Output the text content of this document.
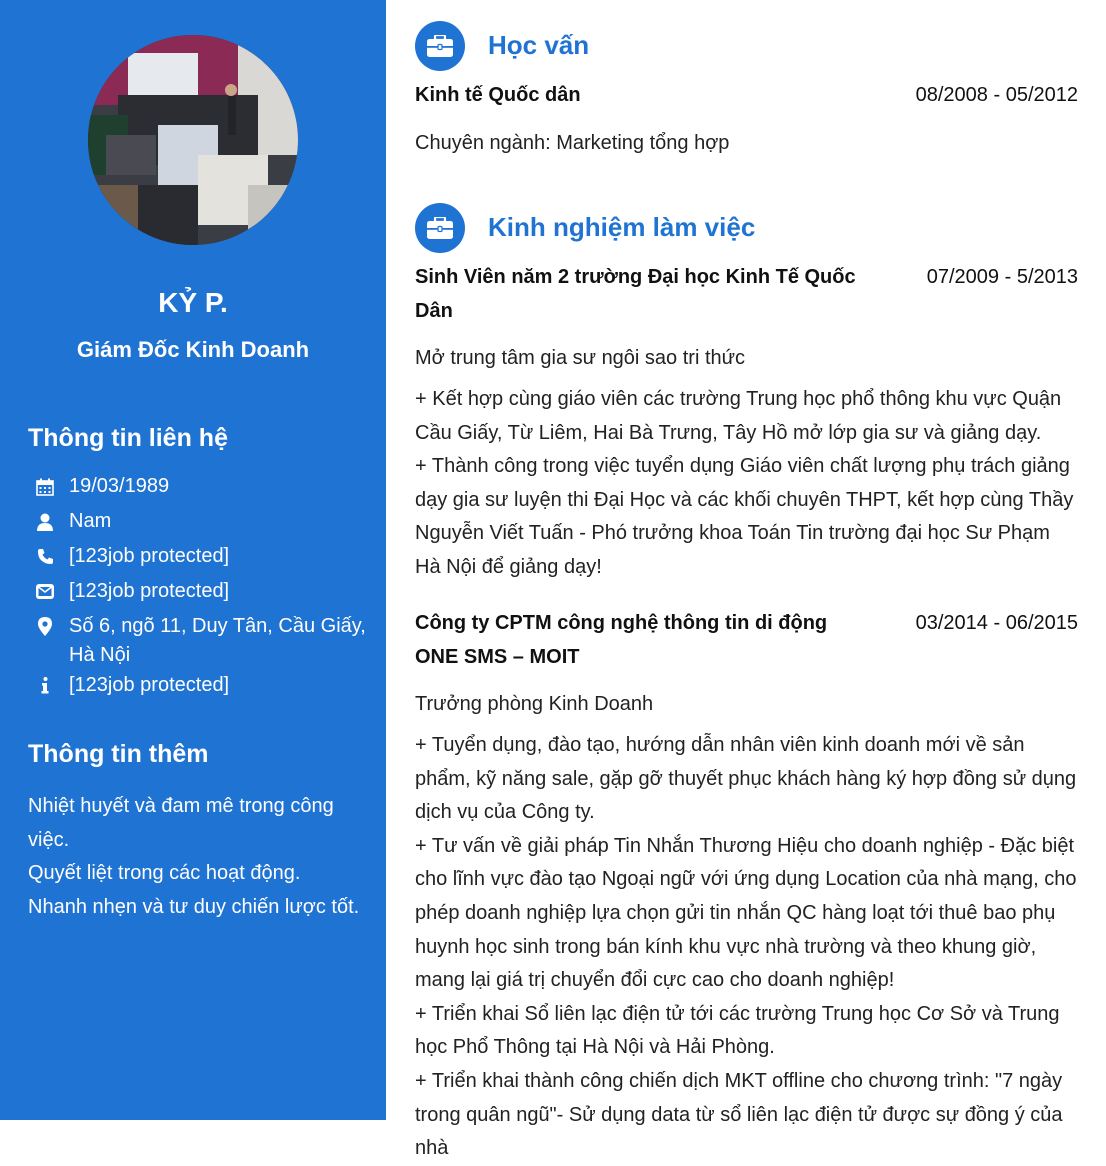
KỶ P.
Giám Đốc Kinh Doanh
Thông tin liên hệ
19/03/1989
Nam
[123job protected]
[123job protected]
Số 6, ngõ 11, Duy Tân, Cầu Giấy, Hà Nội
[123job protected]
Thông tin thêm
Nhiệt huyết và đam mê trong công việc.
Quyết liệt trong các hoạt động.
Nhanh nhẹn và tư duy chiến lược tốt.
Học vấn
Kinh tế Quốc dân	08/2008 - 05/2012
Chuyên ngành: Marketing tổng hợp
Kinh nghiệm làm việc
Sinh Viên năm 2 trường Đại học Kinh Tế Quốc Dân
07/2009 - 5/2013
Mở trung tâm gia sư ngôi sao tri thức
+ Kết hợp cùng giáo viên các trường Trung học phổ thông khu vực Quận Cầu Giấy, Từ Liêm, Hai Bà Trưng, Tây Hồ mở lớp gia sư và giảng dạy.
+ Thành công trong việc tuyển dụng Giáo viên chất lượng phụ trách giảng dạy gia sư luyện thi Đại Học và các khối chuyên THPT, kết hợp cùng Thầy Nguyễn Viết Tuấn - Phó trưởng khoa Toán Tin trường đại học Sư Phạm Hà Nội để giảng dạy!
Công ty CPTM công nghệ thông tin di động ONE SMS – MOIT
03/2014 - 06/2015
Trưởng phòng Kinh Doanh
+ Tuyển dụng, đào tạo, hướng dẫn nhân viên kinh doanh mới về sản phẩm, kỹ năng sale, gặp gỡ thuyết phục khách hàng ký hợp đồng sử dụng dịch vụ của Công ty.
+ Tư vấn về giải pháp Tin Nhắn Thương Hiệu cho doanh nghiệp - Đặc biệt cho lĩnh vực đào tạo Ngoại ngữ với ứng dụng Location của nhà mạng, cho phép doanh nghiệp lựa chọn gửi tin nhắn QC hàng loạt tới thuê bao phụ huynh học sinh trong bán kính khu vực nhà trường và theo khung giờ, mang lại giá trị chuyển đổi cực cao cho doanh nghiệp!
+ Triển khai Sổ liên lạc điện tử tới các trường Trung học Cơ Sở và Trung học Phổ Thông tại Hà Nội và Hải Phòng.
+ Triển khai thành công chiến dịch MKT offline cho chương trình: "7 ngày trong quân ngũ"- Sử dụng data từ sổ liên lạc điện tử được sự đồng ý của nhà
